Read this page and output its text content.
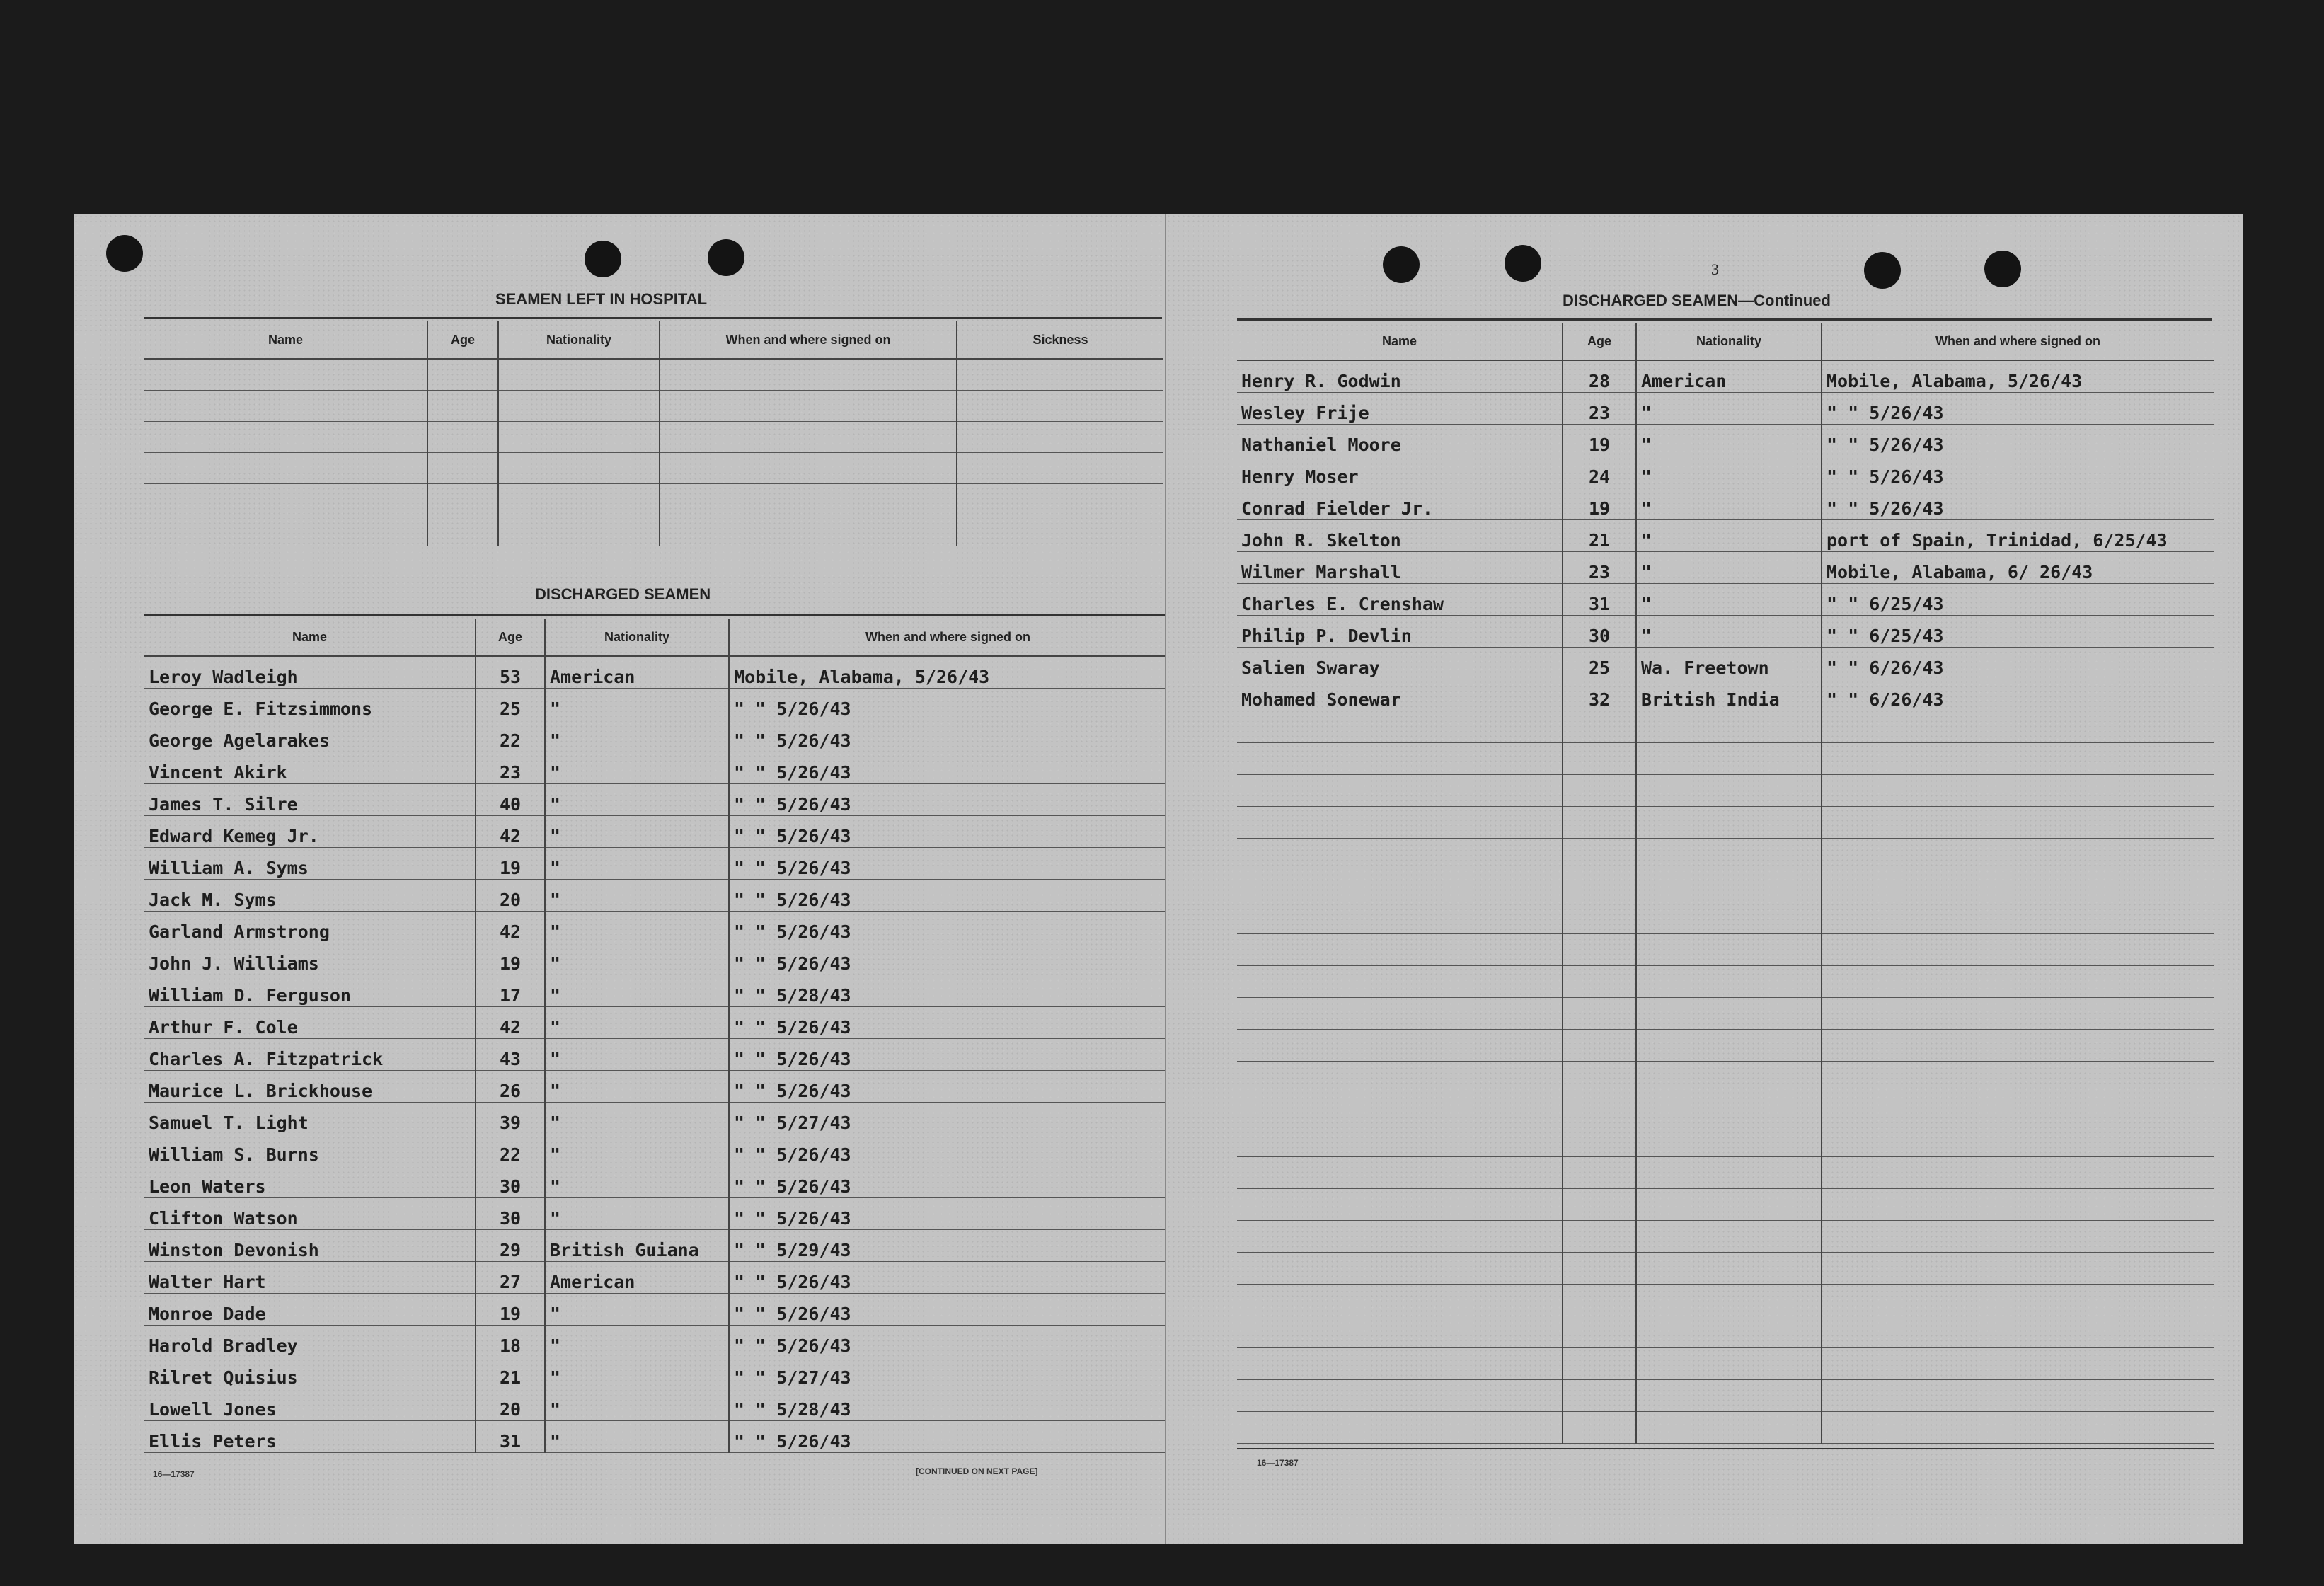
SEAMEN LEFT IN HOSPITAL
Name	Age	Nationality	When and where signed on	Sickness

DISCHARGED SEAMEN
Name	Age	Nationality	When and where signed on
Leroy Wadleigh	53	American	Mobile, Alabama, 5/26/43
George E. Fitzsimmons	25	"	" " 5/26/43
George Agelarakes	22	"	" " 5/26/43
Vincent Akirk	23	"	" " 5/26/43
James T. Silre	40	"	" " 5/26/43
Edward Kemeg Jr.	42	"	" " 5/26/43
William A. Syms	19	"	" " 5/26/43
Jack M. Syms	20	"	" " 5/26/43
Garland Armstrong	42	"	" " 5/26/43
John J. Williams	19	"	" " 5/26/43
William D. Ferguson	17	"	" " 5/28/43
Arthur F. Cole	42	"	" " 5/26/43
Charles A. Fitzpatrick	43	"	" " 5/26/43
Maurice L. Brickhouse	26	"	" " 5/26/43
Samuel T. Light	39	"	" " 5/27/43
William S. Burns	22	"	" " 5/26/43
Leon Waters	30	"	" " 5/26/43
Clifton Watson	30	"	" " 5/26/43
Winston Devonish	29	British Guiana	" " 5/29/43
Walter Hart	27	American	" " 5/26/43
Monroe Dade	19	"	" " 5/26/43
Harold Bradley	18	"	" " 5/26/43
Rilret Quisius	21	"	" " 5/27/43
Lowell Jones	20	"	" " 5/28/43
Ellis Peters	31	"	" " 5/26/43
16—17387	[CONTINUED ON NEXT PAGE]
3
DISCHARGED SEAMEN—Continued
Name	Age	Nationality	When and where signed on
Henry R. Godwin	28	American	Mobile, Alabama, 5/26/43
Wesley Frije	23	"	" " 5/26/43
Nathaniel Moore	19	"	" " 5/26/43
Henry Moser	24	"	" " 5/26/43
Conrad Fielder Jr.	19	"	" " 5/26/43
John R. Skelton	21	"	port of Spain, Trinidad, 6/25/43
Wilmer Marshall	23	"	Mobile, Alabama, 6/ 26/43
Charles E. Crenshaw	31	"	" " 6/25/43
Philip P. Devlin	30	"	" " 6/25/43
Salien Swaray	25	Wa. Freetown	" " 6/26/43
Mohamed Sonewar	32	British India	" " 6/26/43

16—17387
